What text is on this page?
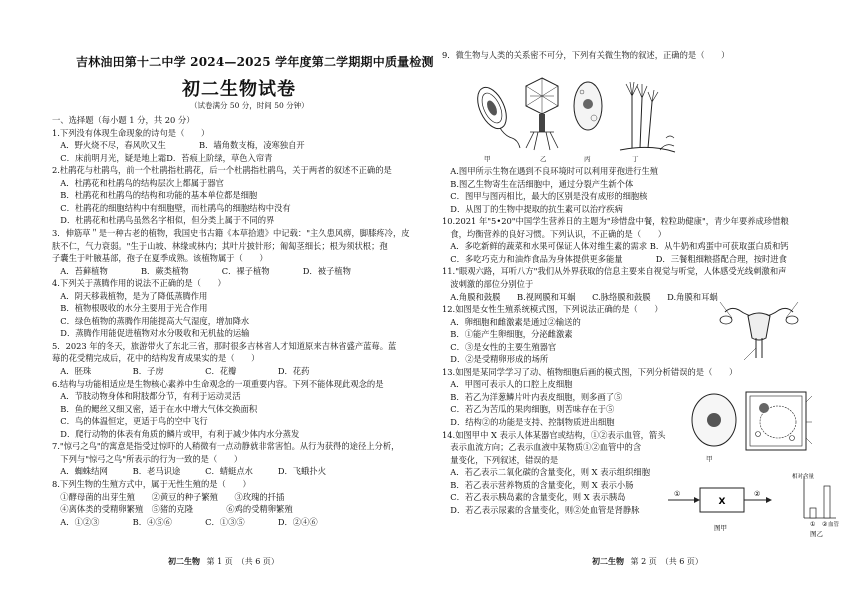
吉林油田第十二中学 2024—2025 学年度第二学期期中质量检测
初二生物试卷
（试卷满分 50 分，时间 50 分钟）
一、选择题（每小题 1 分，共 20 分）
1.下列没有体现生命现象的诗句是（　　）
　A．野火烧不尽，春风吹又生　　　　B．墙角数支梅，凌寒独自开
　C．床前明月光，疑是地上霜D．苔痕上阶绿，草色入帘青
2.杜鹃花与杜鹃鸟，前一个杜鹃指杜鹃花，后一个杜鹃指杜鹃鸟，关于两者的叙述不正确的是
　A．杜鹃花和杜鹃鸟的结构层次上都属于器官
　B．杜鹃花和杜鹃鸟的结构和功能的基本单位都是细胞
　C．杜鹃花的细胞结构中有细胞壁，而杜鹃鸟的细胞结构中没有
　D．杜鹃花和杜鹃鸟虽然名字相似，但分类上属于不同的界
3．伸筋草＂是一种古老的植物，我国史书古籍《本草拾遗》中记载："主久患风痹，脚膝疼冷，皮
肤不仁，气力衰弱。"生于山坡、林缘或林内；其叶片披针形；匍匐茎细长；根为须状根；孢
子囊生于叶腋基部，孢子在夏季成熟。该植物属于（　　）
　A．苔藓植物　　　　B．蕨类植物　　　　C．裸子植物　　　　D．被子植物
4.下列关于蒸腾作用的说法不正确的是（　　）
　A．阴天移栽植物，是为了降低蒸腾作用
　B．植物根吸收的水分主要用于光合作用
　C．绿色植物的蒸腾作用能提高大气湿度，增加降水
　D．蒸腾作用能促进植物对水分吸收和无机盐的运输
5．2023 年的冬天，旅游带火了东北三省，那时很多吉林省人才知道原来吉林省盛产蓝莓。蓝
莓的花受精完成后，花中的结构发育成果实的是（　　）
　A．胚珠　　　　　B．子房　　　　　C．花瓣　　　　　D．花药
6.结构与功能相适应是生物核心素养中生命观念的一项重要内容。下列不能体现此观念的是
　A．节肢动物身体和附肢都分节，有利于运动灵活
　B．鱼的鳃丝又细又密，适于在水中增大气体交换面积
　C．鸟的体温恒定，更适于鸟的空中飞行
　D．爬行动物的体表有角质的鳞片或甲，有利于减少体内水分蒸发
7."惊弓之鸟"的寓意是指受过惊吓的人稍微有一点动静就非常害怕。从行为获得的途径上分析，
　下列与"惊弓之鸟"所表示的行为一致的是（　　）
　A．蜘蛛结网　　　B．老马识途　　　C．蜻蜓点水　　　D．飞蛾扑火
8.下列生物的生殖方式中，属于无性生殖的是（　　）
　①酵母菌的出芽生殖　　②黄豆的种子繁殖　　③玫瑰的扦插
　④离体类的受精卵繁殖　⑤猪的克隆　　　　⑥鸡的受精卵繁殖
　A．①②③　　　　B．④⑤⑥　　　　C．①③⑤　　　　D．②④⑥
初二生物 第 1 页　（共 6 页）
9．微生物与人类的关系密不可分，下列有关微生物的叙述，正确的是（　　）
甲	乙	丙	丁
　A.图甲所示生物在遇到不良环境时可以利用芽孢进行生殖
　B.图乙生物寄生在活细胞中，通过分裂产生新个体
　C．图甲与图丙相比，最大的区别是没有成形的细胞核
　D．从图丁的生物中提取的抗生素可以治疗疾病
10.2021 年"5•20"中国学生营养日的主题为"珍惜盘中餐，粒粒助健康"，青少年要养成珍惜粮
　食，均衡营养的良好习惯。下列认识，不正确的是（　　）
　A．多吃新鲜的蔬菜和水果可保证人体对维生素的需求 B．从牛奶和鸡蛋中可获取蛋白质和钙
　C．多吃巧克力和油炸食品为身体提供更多能量　　　　D．三餐粗细粮搭配合理，按时进食
11."眼观六路，耳听八方"我们从外界获取的信息主要来自视觉与听觉，人体感受光线刺激和声
　波刺激的部位分别位于
　A.角膜和鼓膜　　B.视网膜和耳蜗　　C.脉络膜和鼓膜　　D.角膜和耳蜗
12.如图是女性生殖系统模式图，下列说法正确的是（　　）
　A．卵细胞和雌激素是通过②输送的
　B．①能产生卵细胞，分泌雌激素
　C．③是女性的主要生殖器官
　D．②是受精卵形成的场所
13.如图是某同学学习了动、植物细胞后画的模式图，下列分析错误的是（　　）
　A．甲图可表示人的口腔上皮细胞
　B．若乙为洋葱鳞片叶内表皮细胞，则多画了⑤
　C．若乙为苦瓜的果肉细胞，则苦味存在于⑤
　D．结构②的功能是支持、控制物质进出细胞
14.如图甲中 X 表示人体某器官或结构，①②表示血管，箭头
　表示血流方向；乙表示血液中某物质①②血管中的含
　量变化，下列叙述，错误的是
　A．若乙表示二氧化碳的含量变化，则 X 表示组织细胞
　B．若乙表示营养物质的含量变化，则 X 表示小肠
　C．若乙表示胰岛素的含量变化，则 X 表示胰岛
　D．若乙表示尿素的含量变化，则②处血管是肾静脉
甲
X
①	②
图甲
相对含量
① ② 血管
图乙
初二生物 第 2 页　（共 6 页）
